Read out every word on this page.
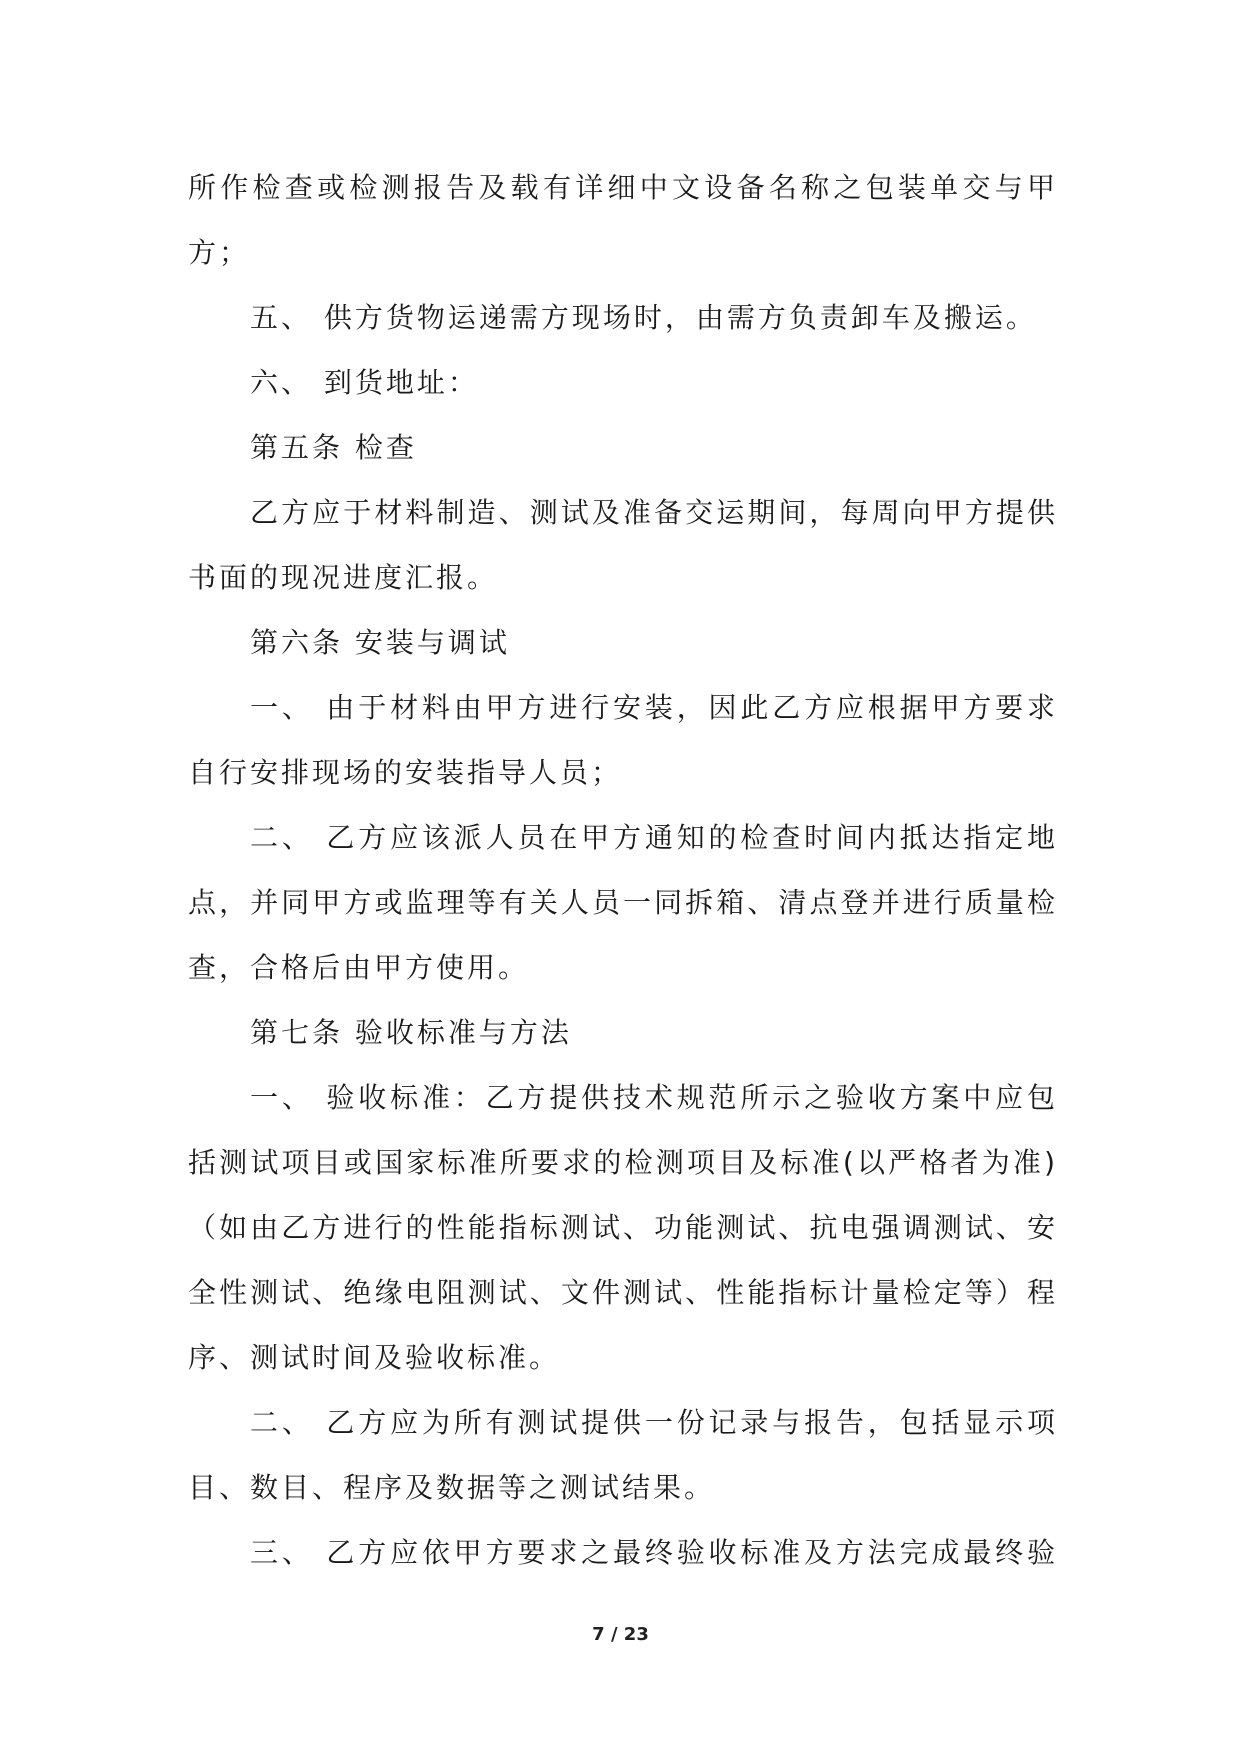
所作检查或检测报告及载有详细中文设备名称之包装单交与甲
方；
五、 供方货物运递需方现场时，由需方负责卸车及搬运。
六、 到货地址：
第五条 检查
乙方应于材料制造、测试及准备交运期间，每周向甲方提供
书面的现况进度汇报。
第六条 安装与调试
一、 由于材料由甲方进行安装，因此乙方应根据甲方要求
自行安排现场的安装指导人员；
二、 乙方应该派人员在甲方通知的检查时间内抵达指定地
点，并同甲方或监理等有关人员一同拆箱、清点登并进行质量检
查，合格后由甲方使用。
第七条 验收标准与方法
一、 验收标准：乙方提供技术规范所示之验收方案中应包
括测试项目或国家标准所要求的检测项目及标准(以严格者为准)
（如由乙方进行的性能指标测试、功能测试、抗电强调测试、安
全性测试、绝缘电阻测试、文件测试、性能指标计量检定等）程
序、测试时间及验收标准。
二、 乙方应为所有测试提供一份记录与报告，包括显示项
目、数目、程序及数据等之测试结果。
三、 乙方应依甲方要求之最终验收标准及方法完成最终验
7 / 23
